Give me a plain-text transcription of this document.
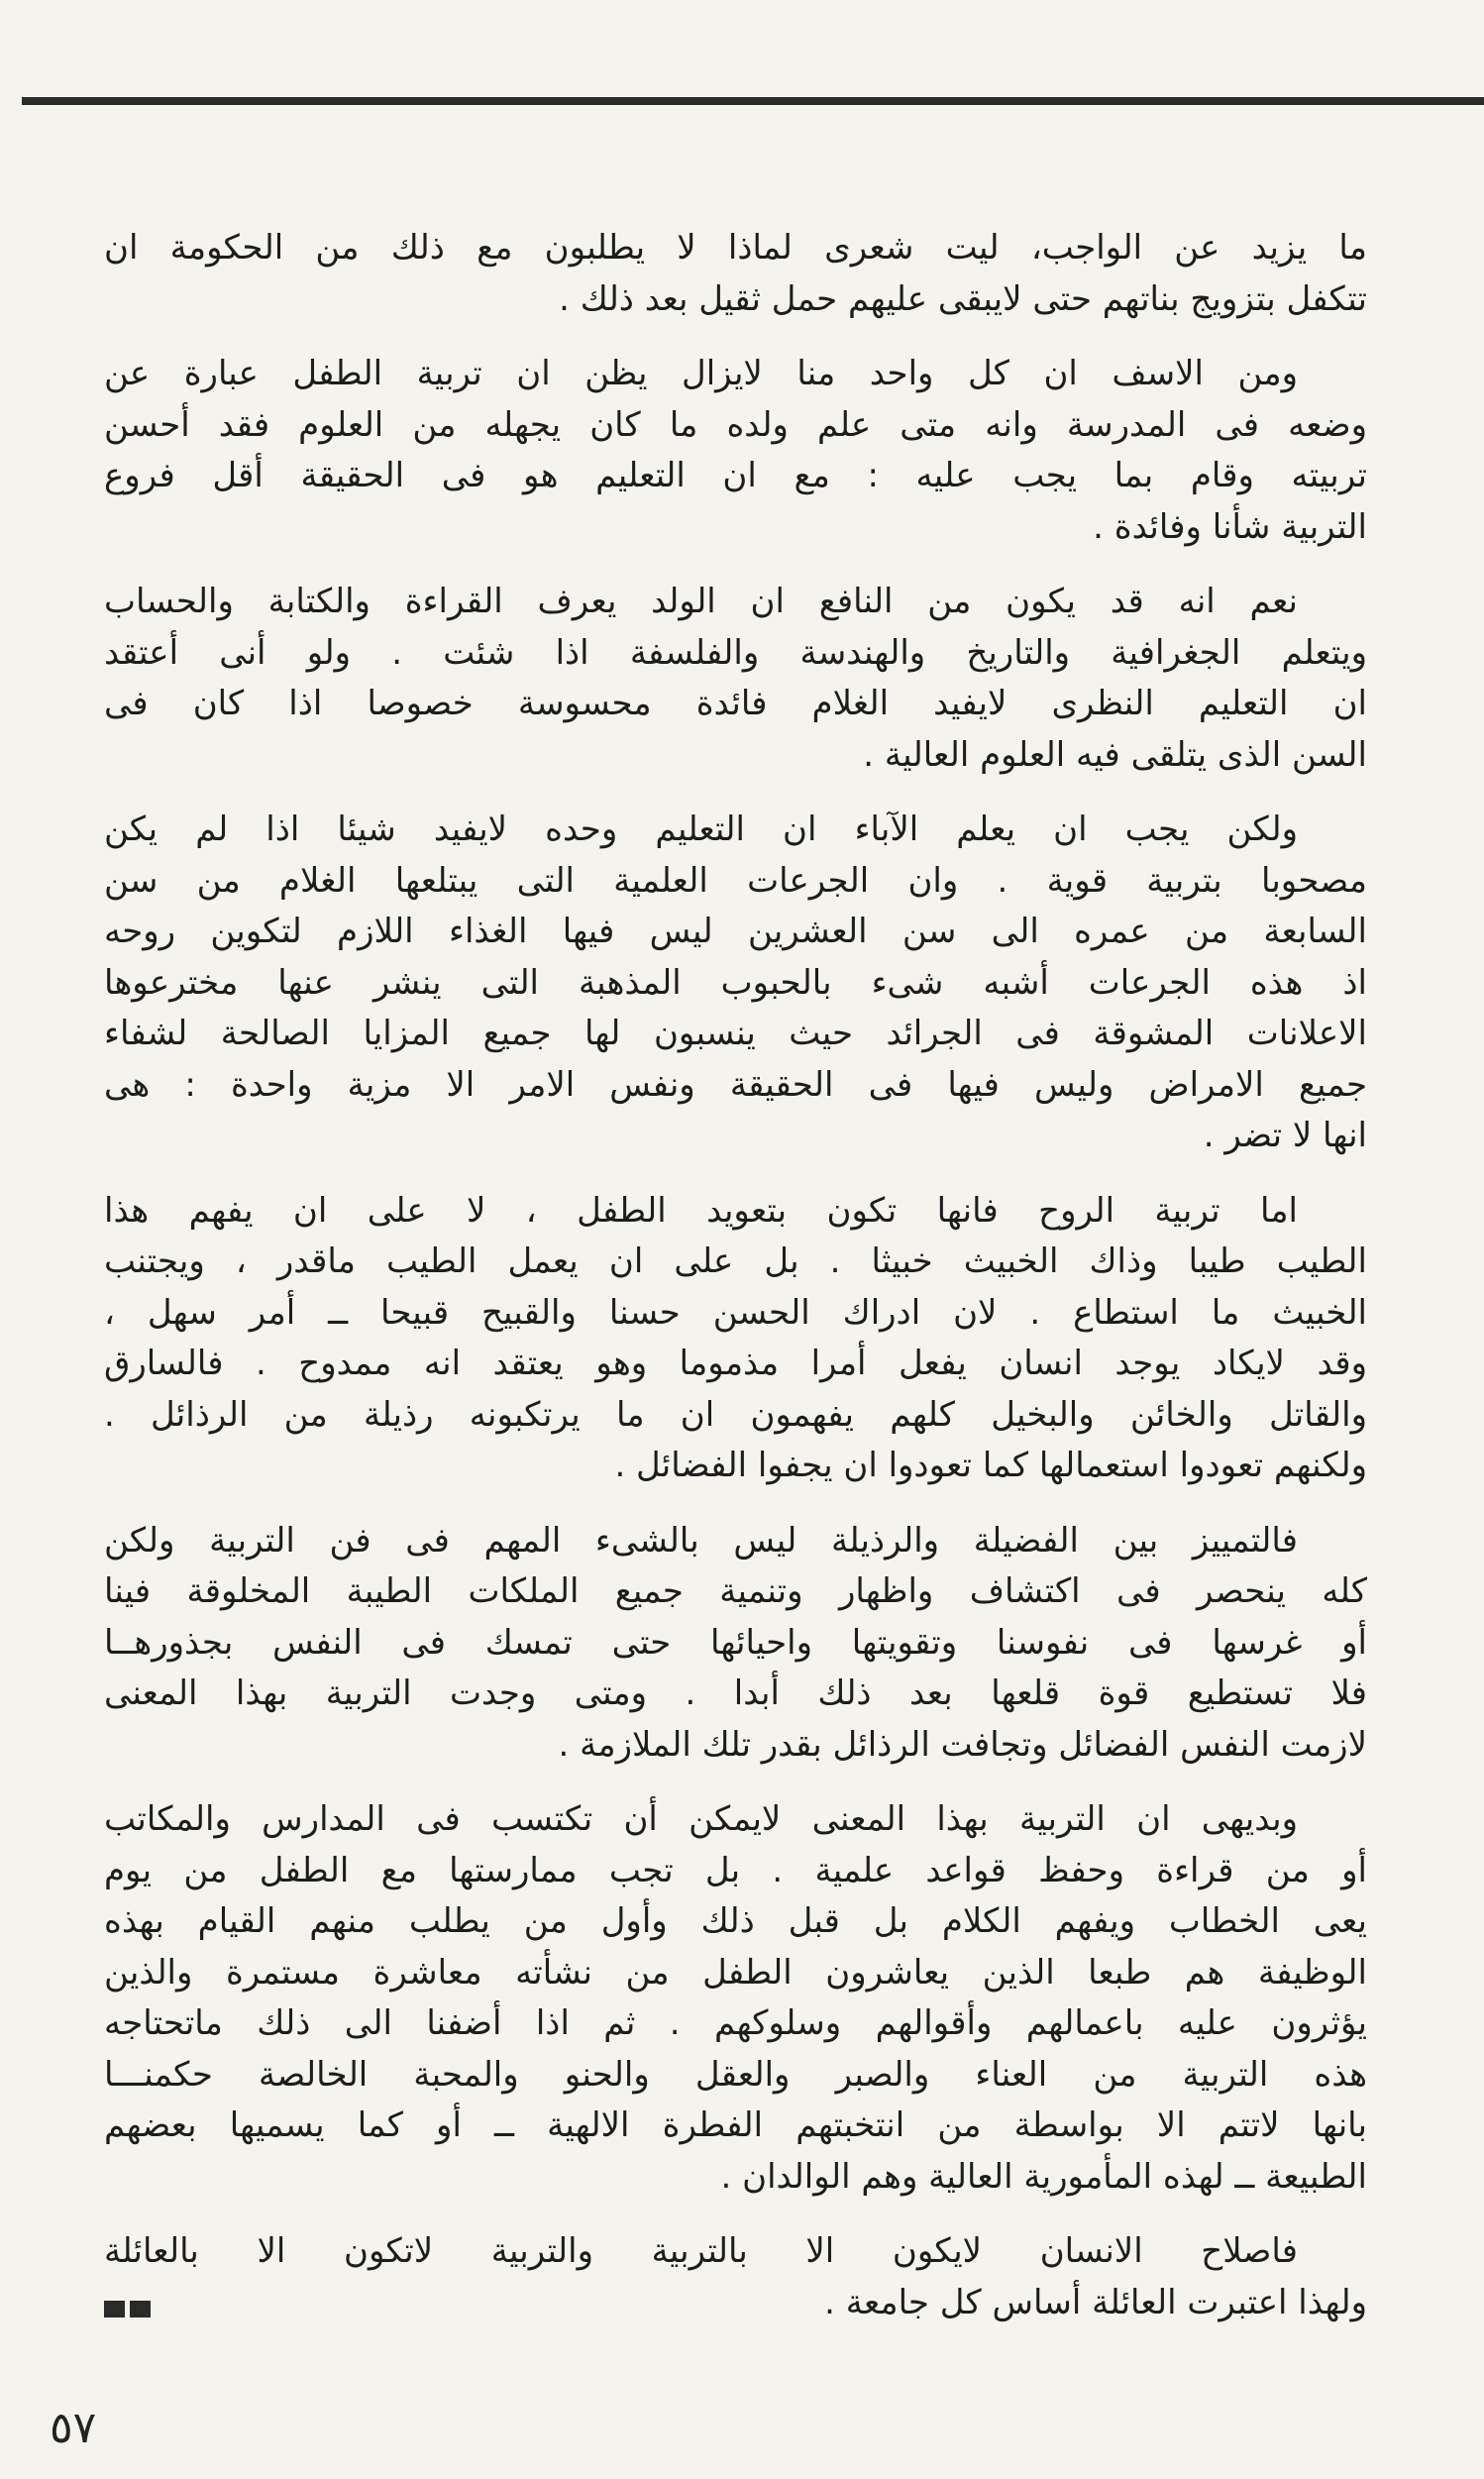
ما يزيد عن الواجب، ليت شعرى لماذا لا يطلبون مع ذلك من الحكومة ان
تتكفل بتزويج بناتهم حتى لايبقى عليهم حمل ثقيل بعد ذلك .
ومن الاسف ان كل واحد منا لايزال يظن ان تربية الطفل عبارة عن
وضعه فى المدرسة وانه متى علم ولده ما كان يجهله من العلوم فقد أحسن
تربيته وقام بما يجب عليه : مع ان التعليم هو فى الحقيقة أقل فروع
التربية شأنا وفائدة .
نعم انه قد يكون من النافع ان الولد يعرف القراءة والكتابة والحساب
ويتعلم الجغرافية والتاريخ والهندسة والفلسفة اذا شئت . ولو أنى أعتقد
ان التعليم النظرى لايفيد الغلام فائدة محسوسة خصوصا اذا كان فى
السن الذى يتلقى فيه العلوم العالية .
ولكن يجب ان يعلم الآباء ان التعليم وحده لايفيد شيئا اذا لم يكن
مصحوبا بتربية قوية . وان الجرعات العلمية التى يبتلعها الغلام من سن
السابعة من عمره الى سن العشرين ليس فيها الغذاء اللازم لتكوين روحه
اذ هذه الجرعات أشبه شىء بالحبوب المذهبة التى ينشر عنها مخترعوها
الاعلانات المشوقة فى الجرائد حيث ينسبون لها جميع المزايا الصالحة لشفاء
جميع الامراض وليس فيها فى الحقيقة ونفس الامر الا مزية واحدة : هى
انها لا تضر .
اما تربية الروح فانها تكون بتعويد الطفل ، لا على ان يفهم هذا
الطيب طيبا وذاك الخبيث خبيثا . بل على ان يعمل الطيب ماقدر ، ويجتنب
الخبيث ما استطاع . لان ادراك الحسن حسنا والقبيح قبيحا ــ أمر سهل ،
وقد لايكاد يوجد انسان يفعل أمرا مذموما وهو يعتقد انه ممدوح . فالسارق
والقاتل والخائن والبخيل كلهم يفهمون ان ما يرتكبونه رذيلة من الرذائل .
ولكنهم تعودوا استعمالها كما تعودوا ان يجفوا الفضائل .
فالتمييز بين الفضيلة والرذيلة ليس بالشىء المهم فى فن التربية ولكن
كله ينحصر فى اكتشاف واظهار وتنمية جميع الملكات الطيبة المخلوقة فينا
أو غرسها فى نفوسنا وتقويتها واحيائها حتى تمسك فى النفس بجذورهــا
فلا تستطيع قوة قلعها بعد ذلك أبدا . ومتى وجدت التربية بهذا المعنى
لازمت النفس الفضائل وتجافت الرذائل بقدر تلك الملازمة .
وبديهى ان التربية بهذا المعنى لايمكن أن تكتسب فى المدارس والمكاتب
أو من قراءة وحفظ قواعد علمية . بل تجب ممارستها مع الطفل من يوم
يعى الخطاب ويفهم الكلام بل قبل ذلك وأول من يطلب منهم القيام بهذه
الوظيفة هم طبعا الذين يعاشرون الطفل من نشأته معاشرة مستمرة والذين
يؤثرون عليه باعمالهم وأقوالهم وسلوكهم . ثم اذا أضفنا الى ذلك ماتحتاجه
هذه التربية من العناء والصبر والعقل والحنو والمحبة الخالصة حكمنـــا
بانها لاتتم الا بواسطة من انتخبتهم الفطرة الالهية ــ أو كما يسميها بعضهم
الطبيعة ــ لهذه المأمورية العالية وهم الوالدان .
فاصلاح الانسان لايكون الا بالتربية والتربية لاتكون الا بالعائلة
ولهذا اعتبرت العائلة أساس كل جامعة .
٥٧
